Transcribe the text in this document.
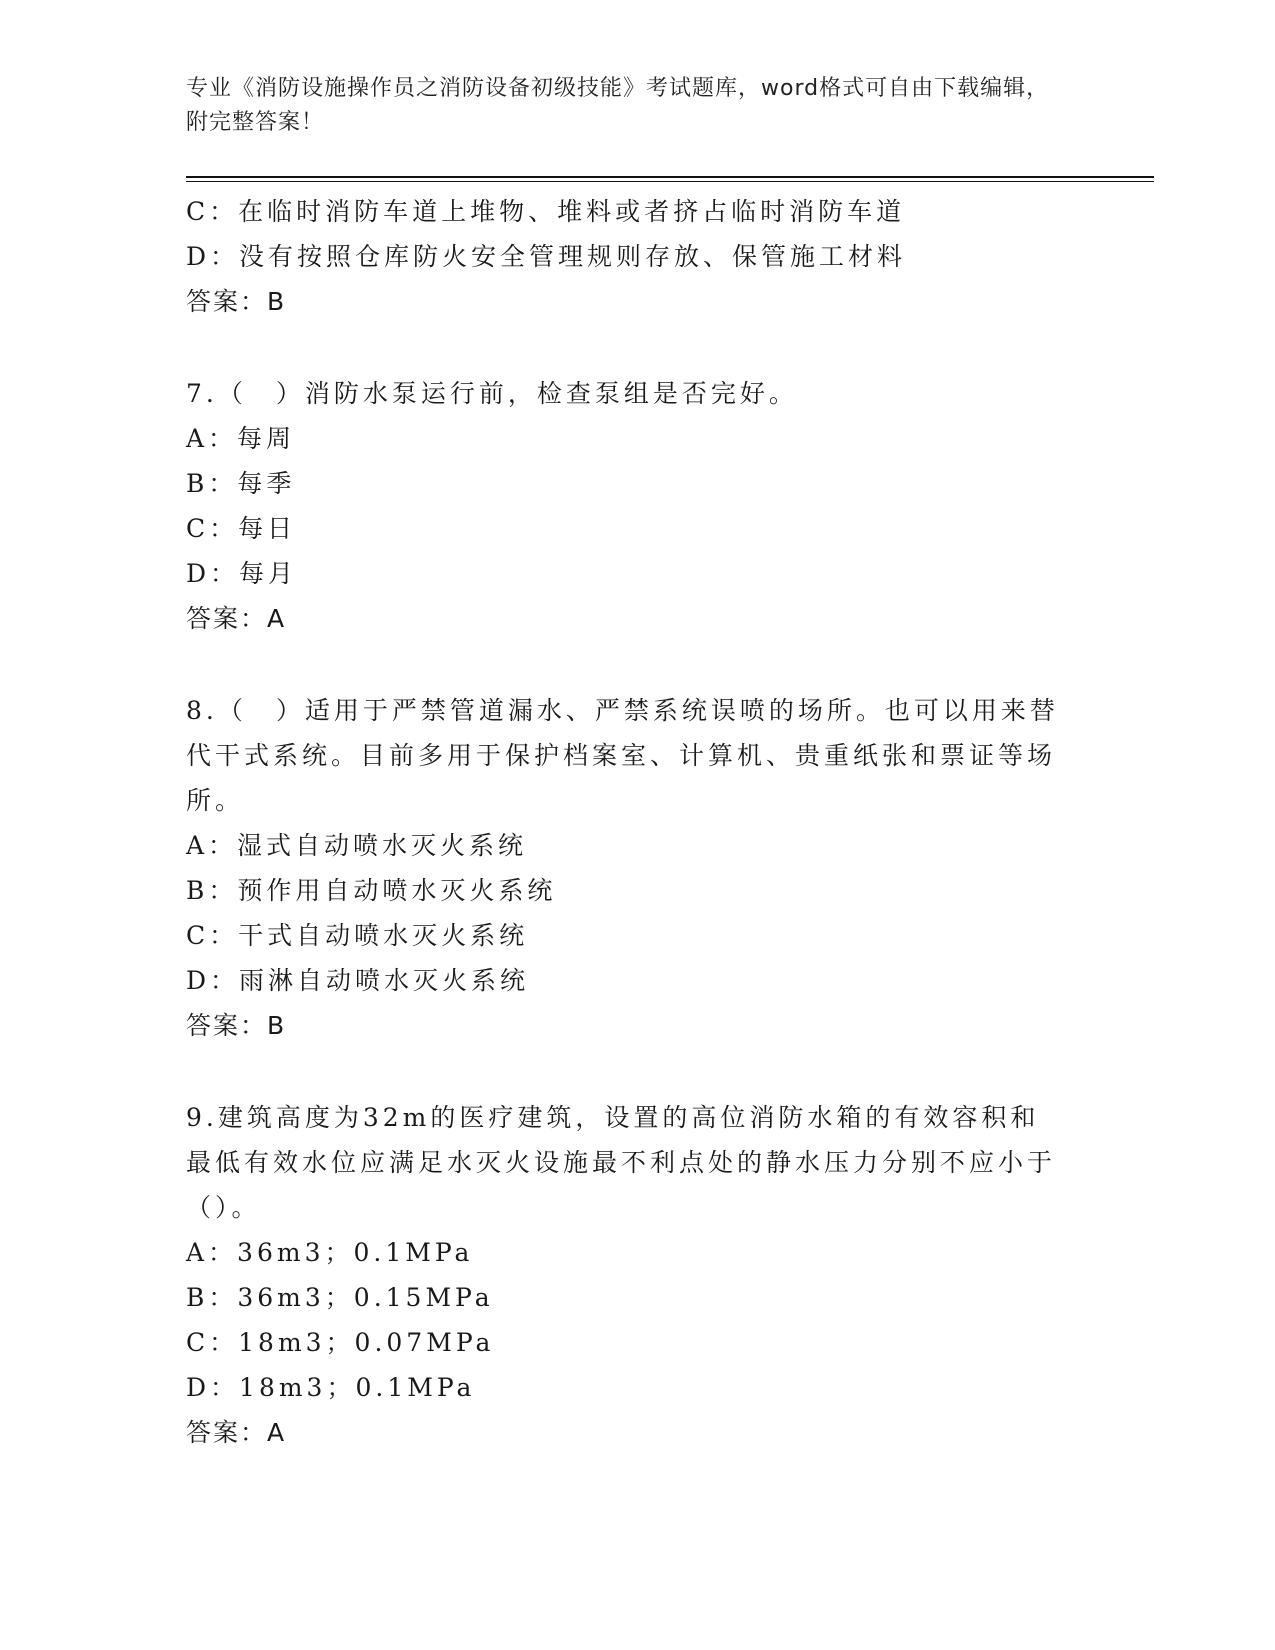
专业《消防设施操作员之消防设备初级技能》考试题库，word格式可自由下载编辑，附完整答案！
C：在临时消防车道上堆物、堆料或者挤占临时消防车道
D：没有按照仓库防火安全管理规则存放、保管施工材料
答案：B
7.（　）消防水泵运行前，检查泵组是否完好。
A：每周
B：每季
C：每日
D：每月
答案：A
8.（　）适用于严禁管道漏水、严禁系统误喷的场所。也可以用来替代干式系统。目前多用于保护档案室、计算机、贵重纸张和票证等场所。
A：湿式自动喷水灭火系统
B：预作用自动喷水灭火系统
C：干式自动喷水灭火系统
D：雨淋自动喷水灭火系统
答案：B
9.建筑高度为32m的医疗建筑，设置的高位消防水箱的有效容积和最低有效水位应满足水灭火设施最不利点处的静水压力分别不应小于（）。
A：36m3；0.1MPa
B：36m3；0.15MPa
C：18m3；0.07MPa
D：18m3；0.1MPa
答案：A
